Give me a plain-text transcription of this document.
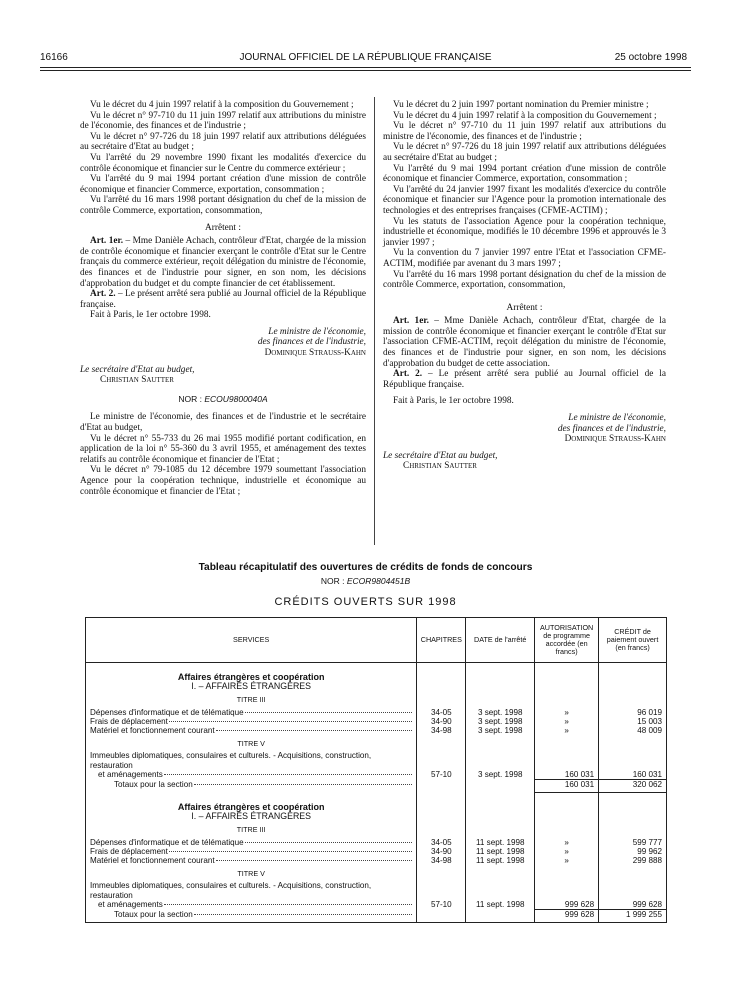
16166	JOURNAL OFFICIEL DE LA RÉPUBLIQUE FRANÇAISE	25 octobre 1998

Vu le décret du 4 juin 1997 relatif à la composition du Gouvernement ;

Vu le décret n° 97-710 du 11 juin 1997 relatif aux attributions du ministre de l'économie, des finances et de l'industrie ;

Vu le décret n° 97-726 du 18 juin 1997 relatif aux attributions déléguées au secrétaire d'Etat au budget ;

Vu l'arrêté du 29 novembre 1990 fixant les modalités d'exercice du contrôle économique et financier sur le Centre du commerce extérieur ;

Vu l'arrêté du 9 mai 1994 portant création d'une mission de contrôle économique et financier Commerce, exportation, consommation ;

Vu l'arrêté du 16 mars 1998 portant désignation du chef de la mission de contrôle Commerce, exportation, consommation,

Arrêtent :

Art. 1er. – Mme Danièle Achach, contrôleur d'Etat, chargée de la mission de contrôle économique et financier exerçant le contrôle d'Etat sur le Centre français du commerce extérieur, reçoit délégation du ministre de l'économie, des finances et de l'industrie pour signer, en son nom, les décisions d'approbation du budget et du compte financier de cet établissement.

Art. 2. – Le présent arrêté sera publié au Journal officiel de la République française.

Fait à Paris, le 1er octobre 1998.

Le ministre de l'économie,

des finances et de l'industrie,

Dominique Strauss-Kahn

Le secrétaire d'Etat au budget,

Christian Sautter

NOR : ECOU9800040A

Le ministre de l'économie, des finances et de l'industrie et le secrétaire d'Etat au budget,

Vu le décret n° 55-733 du 26 mai 1955 modifié portant codification, en application de la loi n° 55-360 du 3 avril 1955, et aménagement des textes relatifs au contrôle économique et financier de l'Etat ;

Vu le décret n° 79-1085 du 12 décembre 1979 soumettant l'association Agence pour la coopération technique, industrielle et économique au contrôle économique et financier de l'Etat ;

Vu le décret du 2 juin 1997 portant nomination du Premier ministre ;

Vu le décret du 4 juin 1997 relatif à la composition du Gouvernement ;

Vu le décret n° 97-710 du 11 juin 1997 relatif aux attributions du ministre de l'économie, des finances et de l'industrie ;

Vu le décret n° 97-726 du 18 juin 1997 relatif aux attributions déléguées au secrétaire d'Etat au budget ;

Vu l'arrêté du 9 mai 1994 portant création d'une mission de contrôle économique et financier Commerce, exportation, consommation ;

Vu l'arrêté du 24 janvier 1997 fixant les modalités d'exercice du contrôle économique et financier sur l'Agence pour la promotion internationale des technologies et des entreprises françaises (CFME-ACTIM) ;

Vu les statuts de l'association Agence pour la coopération technique, industrielle et économique, modifiés le 10 décembre 1996 et approuvés le 3 janvier 1997 ;

Vu la convention du 7 janvier 1997 entre l'Etat et l'association CFME-ACTIM, modifiée par avenant du 3 mars 1997 ;

Vu l'arrêté du 16 mars 1998 portant désignation du chef de la mission de contrôle Commerce, exportation, consommation,

Arrêtent :

Art. 1er. – Mme Danièle Achach, contrôleur d'Etat, chargée de la mission de contrôle économique et financier exerçant le contrôle d'Etat sur l'association CFME-ACTIM, reçoit délégation du ministre de l'économie, des finances et de l'industrie pour signer, en son nom, les décisions d'approbation du budget de cette association.

Art. 2. – Le présent arrêté sera publié au Journal officiel de la République française.

Fait à Paris, le 1er octobre 1998.

Le ministre de l'économie,

des finances et de l'industrie,

Dominique Strauss-Kahn

Le secrétaire d'Etat au budget,

Christian Sautter

Tableau récapitulatif des ouvertures de crédits de fonds de concours
NOR : ECOR9804451B
CRÉDITS OUVERTS SUR 1998
SERVICES	CHAPITRES	DATE de l'arrêté	AUTORISATION de programme accordée (en francs)	CRÉDIT de paiement ouvert (en francs)

Affaires étrangères et coopération				
I. – AFFAIRES ÉTRANGÈRES				
TITRE III				

Dépenses d'informatique et de télématique	34-05	3 sept. 1998	»	96 019

Frais de déplacement	34-90	3 sept. 1998	»	15 003

Matériel et fonctionnement courant	34-98	3 sept. 1998	»	48 009
TITRE V				
Immeubles diplomatiques, consulaires et culturels. - Acquisitions, construction, restauration				

et aménagements	57-10	3 sept. 1998	160 031	160 031

Totaux pour la section			160 031	320 062

Affaires étrangères et coopération				
I. – AFFAIRES ÉTRANGÈRES				
TITRE III				

Dépenses d'informatique et de télématique	34-05	11 sept. 1998	»	599 777

Frais de déplacement	34-90	11 sept. 1998	»	99 962

Matériel et fonctionnement courant	34-98	11 sept. 1998	»	299 888
TITRE V				
Immeubles diplomatiques, consulaires et culturels. - Acquisitions, construction, restauration				

et aménagements	57-10	11 sept. 1998	999 628	999 628

Totaux pour la section			999 628	1 999 255
